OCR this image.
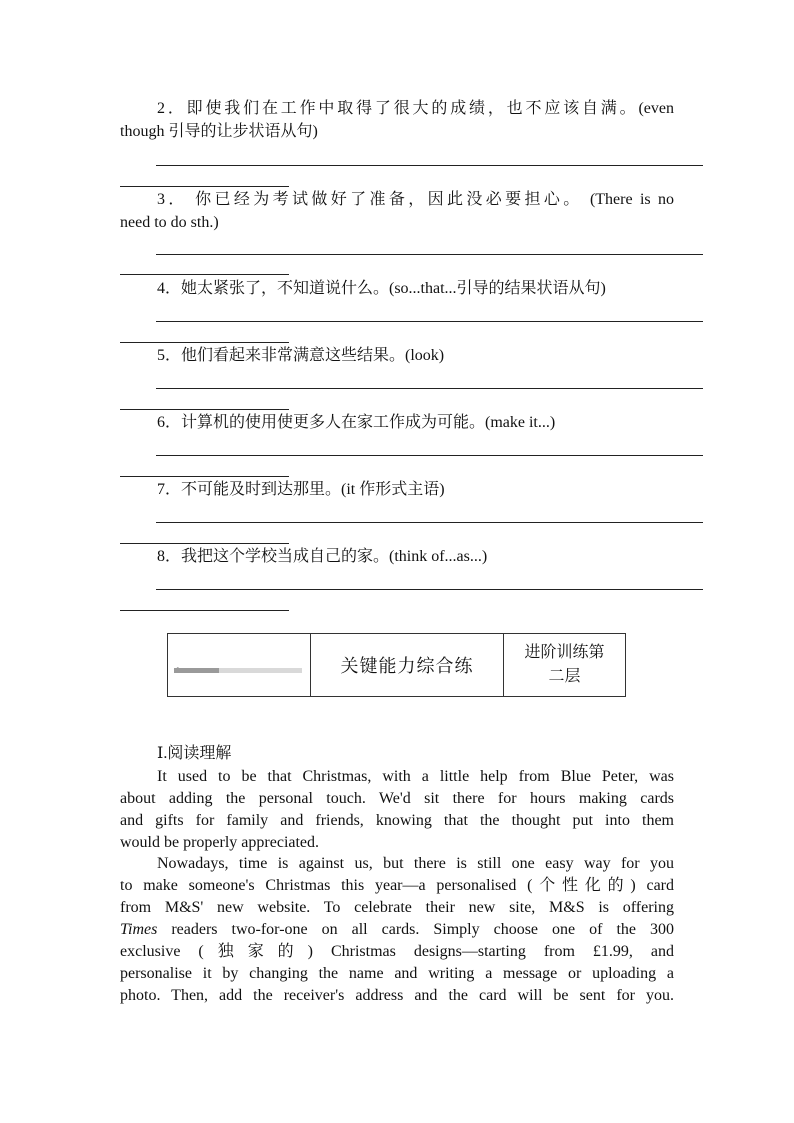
2．即使我们在工作中取得了很大的成绩，也不应该自满。(even
though 引导的让步状语从句)
3． 你已经为考试做好了准备，因此没必要担心。 (There is no
need to do sth.)
4．她太紧张了，不知道说什么。(so...that...引导的结果状语从句)
5．他们看起来非常满意这些结果。(look)
6．计算机的使用使更多人在家工作成为可能。(make it...)
7．不可能及时到达那里。(it 作形式主语)
8．我把这个学校当成自己的家。(think of...as...)
关键能力综合练
进阶训练第
二层
Ⅰ.阅读理解
It used to be that Christmas, with a little help from Blue Peter, was
about adding the personal touch. We'd sit there for hours making cards
and gifts for family and friends, knowing that the thought put into them
would be properly appreciated.
Nowadays, time is against us, but there is still one easy way for you
to make someone's Christmas this year—a personalised (个性化的) card
from M&S' new website. To celebrate their new site, M&S is offering
Times readers two-for-one on all cards. Simply choose one of the 300
exclusive (独家的) Christmas designs—starting from £1.99, and
personalise it by changing the name and writing a message or uploading a
photo. Then, add the receiver's address and the card will be sent for you.
